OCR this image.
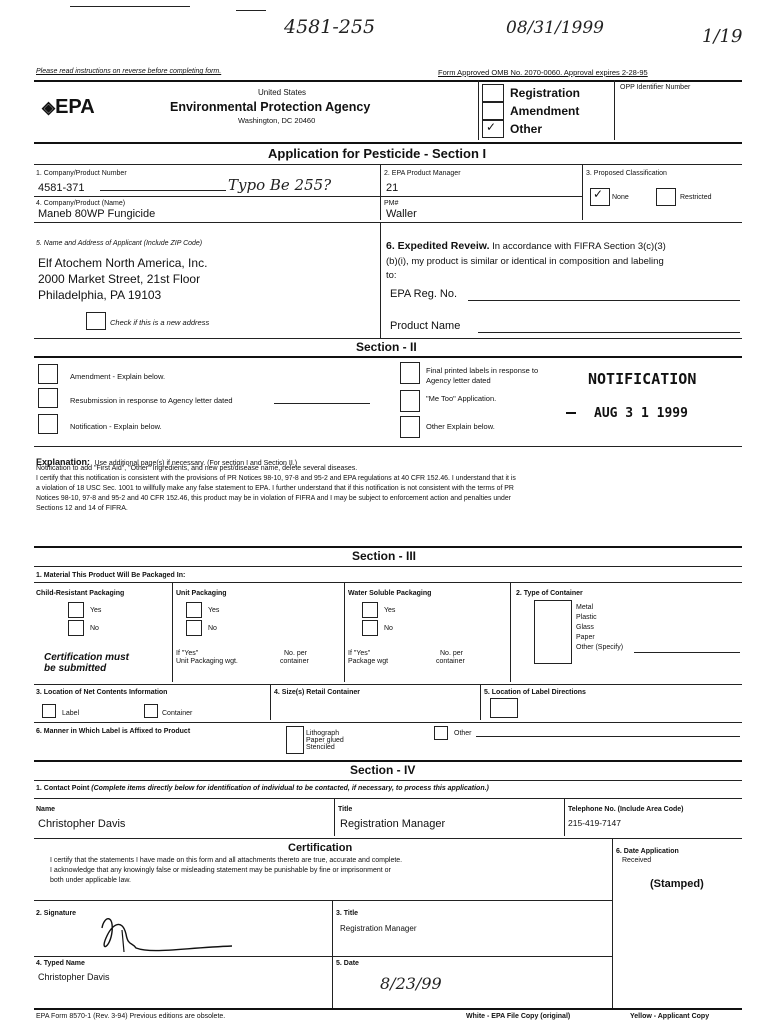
4581-255	08/31/1999	1/19
Please read instructions on reverse before completing form.	Form Approved OMB No. 2070-0060. Approval expires 2-28-95
◈EPA
United States
Environmental Protection Agency
Washington, DC 20460
Registration
Amendment
✓ Other
OPP Identifier Number
Application for Pesticide - Section I
1. Company/Product Number
4581-371	Typo Be 255?
2. EPA Product Manager
21
3. Proposed Classification
✓ None	Restricted
4. Company/Product (Name)
Maneb 80WP Fungicide
PM#
Waller
5. Name and Address of Applicant (Include ZIP Code)
Elf Atochem North America, Inc.
2000 Market Street, 21st Floor
Philadelphia, PA 19103
Check if this is a new address
6. Expedited Reveiw. In accordance with FIFRA Section 3(c)(3)
(b)(i), my product is similar or identical in composition and labeling
to:
EPA Reg. No.
Product Name
Section - II
Amendment - Explain below.
Resubmission in response to Agency letter dated
Notification - Explain below.
Final printed labels in response to
Agency letter dated
"Me Too" Application.
Other Explain below.
NOTIFICATION
AUG 3 1 1999
Explanation: Use additional page(s) if necessary. (For section I and Section II.)
Notification to add "First Aid", "Other" Ingredients, and new pest/disease name, delete several diseases.
I certify that this notification is consistent with the provisions of PR Notices 98-10, 97-8 and 95-2 and EPA regulations at 40 CFR 152.46. I understand that it is
a violation of 18 USC Sec. 1001 to willfully make any false statement to EPA. I further understand that if this notification is not consistent with the terms of PR
Notices 98-10, 97-8 and 95-2 and 40 CFR 152.46, this product may be in violation of FIFRA and I may be subject to enforcement action and penalties under
Sections 12 and 14 of FIFRA.
Section - III
1. Material This Product Will Be Packaged In:
Child-Resistant Packaging
Yes
No
Certification must
be submitted
Unit Packaging
Yes
No
If "Yes"
Unit Packaging wgt.
No. per
container
Water Soluble Packaging
Yes
No
If "Yes"
Package wgt
No. per
container
2. Type of Container
Metal
Plastic
Glass
Paper
Other (Specify)
3. Location of Net Contents Information
Label	Container
4. Size(s) Retail Container	5. Location of Label Directions
6. Manner in Which Label is Affixed to Product	Lithograph
Paper glued
Stenciled
Other
Section - IV
1. Contact Point (Complete items directly below for identification of individual to be contacted, if necessary, to process this application.)
Name
Christopher Davis
Title
Registration Manager
Telephone No. (Include Area Code)
215-419-7147
Certification
I certify that the statements I have made on this form and all attachments thereto are true, accurate and complete.
I acknowledge that any knowingly false or misleading statement may be punishable by fine or imprisonment or
both under applicable law.
6. Date Application
Received
(Stamped)
2. Signature	3. Title
Registration Manager
4. Typed Name
Christopher Davis
5. Date
8/23/99
EPA Form 8570-1 (Rev. 3-94) Previous editions are obsolete.	White - EPA File Copy (original)	Yellow - Applicant Copy
